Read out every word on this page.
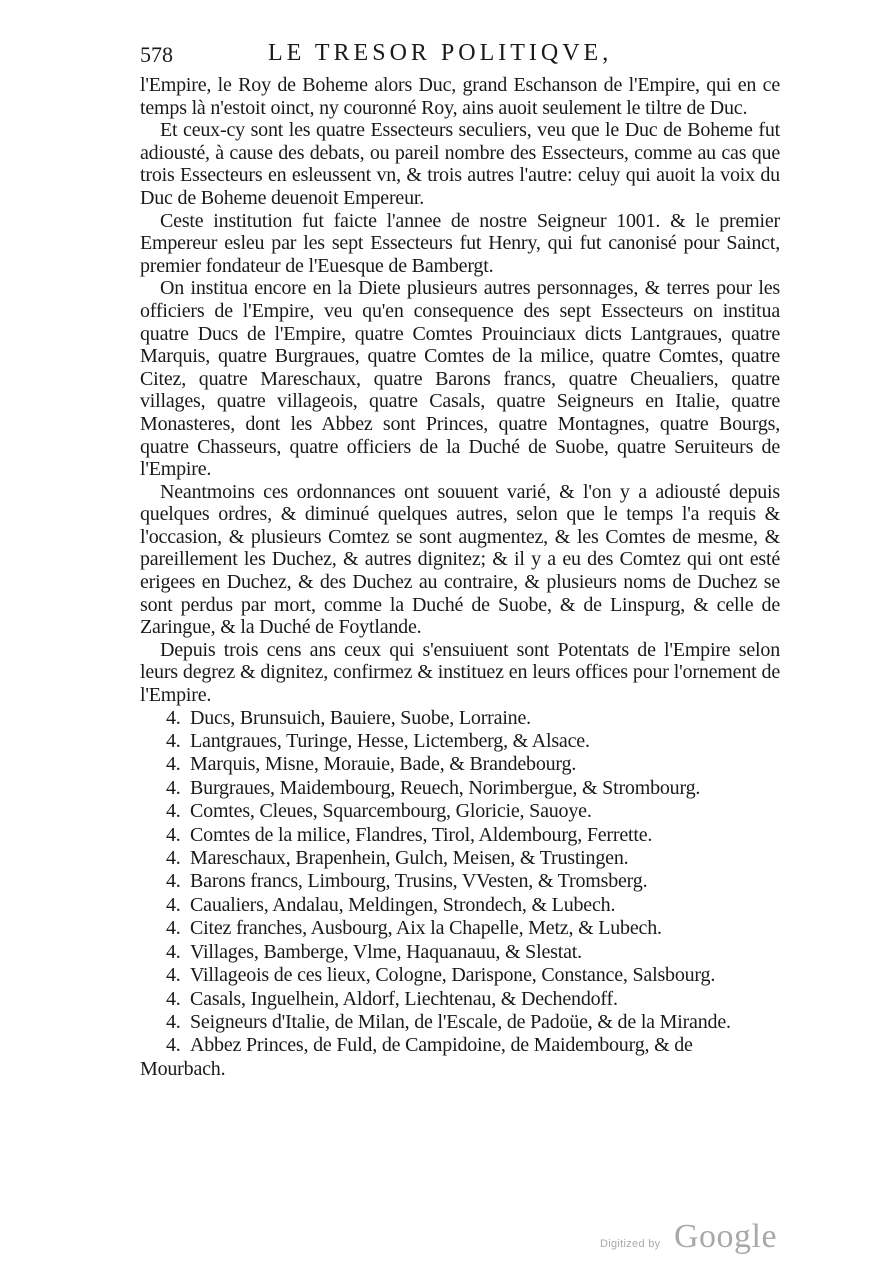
578	LE TRESOR POLITIQVE,

l'Empire, le Roy de Boheme alors Duc, grand Eschanson de l'Empire, qui en ce temps là n'estoit oinct, ny couronné Roy, ains auoit seulement le tiltre de Duc.

Et ceux-cy sont les quatre Essecteurs seculiers, veu que le Duc de Boheme fut adiousté, à cause des debats, ou pareil nombre des Essecteurs, comme au cas que trois Essecteurs en esleussent vn, & trois autres l'autre: celuy qui auoit la voix du Duc de Boheme deuenoit Empereur.

Ceste institution fut faicte l'annee de nostre Seigneur 1001. & le premier Empereur esleu par les sept Essecteurs fut Henry, qui fut canonisé pour Sainct, premier fondateur de l'Euesque de Bambergt.

On institua encore en la Diete plusieurs autres personnages, & terres pour les officiers de l'Empire, veu qu'en consequence des sept Essecteurs on institua quatre Ducs de l'Empire, quatre Comtes Prouinciaux dicts Lantgraues, quatre Marquis, quatre Burgraues, quatre Comtes de la milice, quatre Comtes, quatre Citez, quatre Mareschaux, quatre Barons francs, quatre Cheualiers, quatre villages, quatre villageois, quatre Casals, quatre Seigneurs en Italie, quatre Monasteres, dont les Abbez sont Princes, quatre Montagnes, quatre Bourgs, quatre Chasseurs, quatre officiers de la Duché de Suobe, quatre Seruiteurs de l'Empire.

Neantmoins ces ordonnances ont souuent varié, & l'on y a adiousté depuis quelques ordres, & diminué quelques autres, selon que le temps l'a requis & l'occasion, & plusieurs Comtez se sont augmentez, & les Comtes de mesme, & pareillement les Duchez, & autres dignitez; & il y a eu des Comtez qui ont esté erigees en Duchez, & des Duchez au contraire, & plusieurs noms de Duchez se sont perdus par mort, comme la Duché de Suobe, & de Linspurg, & celle de Zaringue, & la Duché de Foytlande.

Depuis trois cens ans ceux qui s'ensuiuent sont Potentats de l'Empire selon leurs degrez & dignitez, confirmez & instituez en leurs offices pour l'ornement de l'Empire.

4. Ducs, Brunsuich, Bauiere, Suobe, Lorraine.
4. Lantgraues, Turinge, Hesse, Lictemberg, & Alsace.
4. Marquis, Misne, Morauie, Bade, & Brandebourg.
4. Burgraues, Maidembourg, Reuech, Norimbergue, & Strombourg.
4. Comtes, Cleues, Squarcembourg, Gloricie, Sauoye.
4. Comtes de la milice, Flandres, Tirol, Aldembourg, Ferrette.
4. Mareschaux, Brapenhein, Gulch, Meisen, & Trustingen.
4. Barons francs, Limbourg, Trusins, VVesten, & Tromsberg.
4. Caualiers, Andalau, Meldingen, Strondech, & Lubech.
4. Citez franches, Ausbourg, Aix la Chapelle, Metz, & Lubech.
4. Villages, Bamberge, Vlme, Haquanauu, & Slestat.
4. Villageois de ces lieux, Cologne, Darispone, Constance, Salsbourg.
4. Casals, Inguelhein, Aldorf, Liechtenau, & Dechendoff.
4. Seigneurs d'Italie, de Milan, de l'Escale, de Padoüe, & de la Mirande.
4. Abbez Princes, de Fuld, de Campidoine, de Maidembourg, & de
Mourbach.
Digitized by Google
